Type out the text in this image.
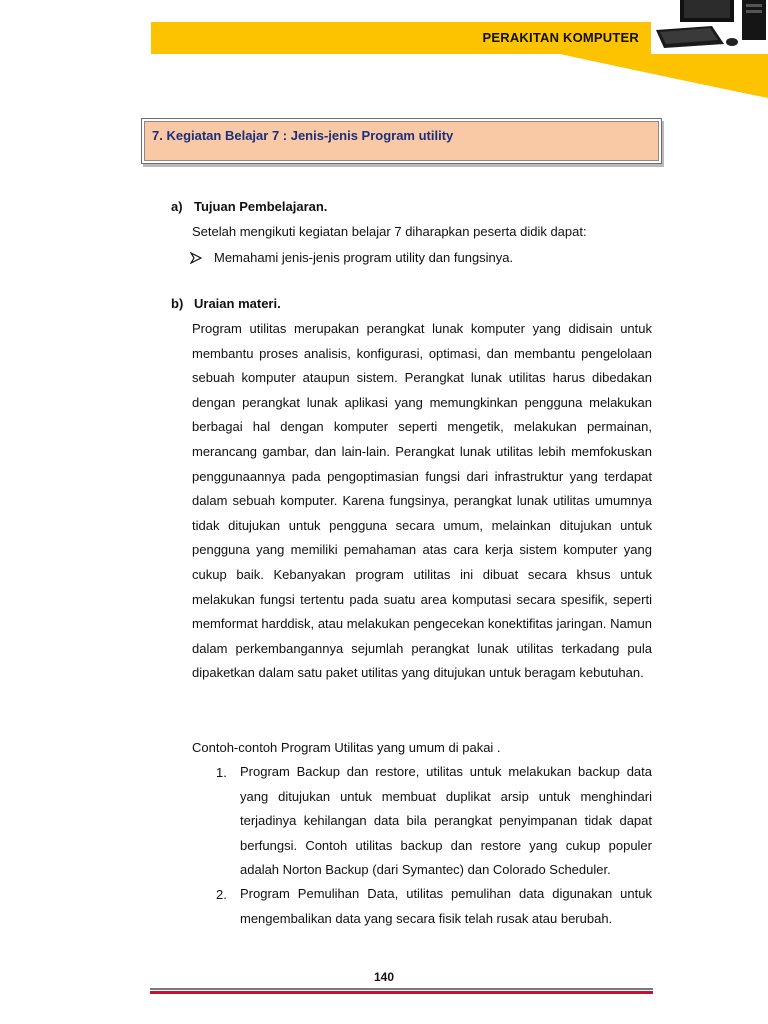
PERAKITAN KOMPUTER
7. Kegiatan Belajar 7 : Jenis-jenis Program utility
a) Tujuan Pembelajaran.
Setelah mengikuti kegiatan belajar 7 diharapkan peserta didik dapat:
Memahami jenis-jenis program utility dan fungsinya.
b) Uraian materi.

Program utilitas merupakan perangkat lunak komputer yang didisain untuk membantu proses analisis, konfigurasi, optimasi, dan membantu pengelolaan sebuah komputer ataupun sistem. Perangkat lunak utilitas harus dibedakan dengan perangkat lunak aplikasi yang memungkinkan pengguna melakukan berbagai hal dengan komputer seperti mengetik, melakukan permainan, merancang gambar, dan lain-lain. Perangkat lunak utilitas lebih memfokuskan penggunaannya pada pengoptimasian fungsi dari infrastruktur yang terdapat dalam sebuah komputer. Karena fungsinya, perangkat lunak utilitas umumnya tidak ditujukan untuk pengguna secara umum, melainkan ditujukan untuk pengguna yang memiliki pemahaman atas cara kerja sistem komputer yang cukup baik. Kebanyakan program utilitas ini dibuat secara khsus untuk melakukan fungsi tertentu pada suatu area komputasi secara spesifik, seperti memformat harddisk, atau melakukan pengecekan konektifitas jaringan. Namun dalam perkembangannya sejumlah perangkat lunak utilitas terkadang pula dipaketkan dalam satu paket utilitas yang ditujukan untuk beragam kebutuhan.

Contoh-contoh Program Utilitas yang umum di pakai .
1. Program Backup dan restore, utilitas untuk melakukan backup data yang ditujukan untuk membuat duplikat arsip untuk menghindari terjadinya kehilangan data bila perangkat penyimpanan tidak dapat berfungsi. Contoh utilitas backup dan restore yang cukup populer adalah Norton Backup (dari Symantec) dan Colorado Scheduler.

2. Program Pemulihan Data, utilitas pemulihan data digunakan untuk mengembalikan data yang secara fisik telah rusak atau berubah.

140
